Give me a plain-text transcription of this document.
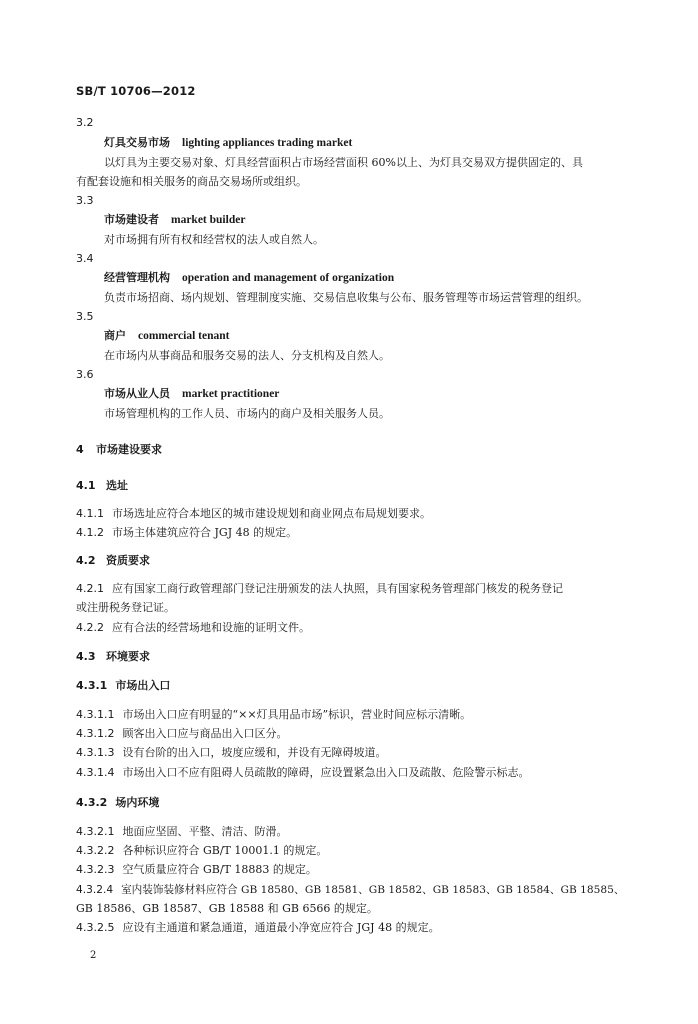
SB/T 10706—2012
3.2
灯具交易市场 lighting appliances trading market
以灯具为主要交易对象、灯具经营面积占市场经营面积 60%以上、为灯具交易双方提供固定的、具
有配套设施和相关服务的商品交易场所或组织。
3.3
市场建设者 market builder
对市场拥有所有权和经营权的法人或自然人。
3.4
经营管理机构 operation and management of organization
负责市场招商、场内规划、管理制度实施、交易信息收集与公布、服务管理等市场运营管理的组织。
3.5
商户 commercial tenant
在市场内从事商品和服务交易的法人、分支机构及自然人。
3.6
市场从业人员 market practitioner
市场管理机构的工作人员、市场内的商户及相关服务人员。
4 市场建设要求
4.1 选址
4.1.1 市场选址应符合本地区的城市建设规划和商业网点布局规划要求。
4.1.2 市场主体建筑应符合 JGJ 48 的规定。
4.2 资质要求
4.2.1 应有国家工商行政管理部门登记注册颁发的法人执照，具有国家税务管理部门核发的税务登记
或注册税务登记证。
4.2.2 应有合法的经营场地和设施的证明文件。
4.3 环境要求
4.3.1 市场出入口
4.3.1.1 市场出入口应有明显的“××灯具用品市场”标识，营业时间应标示清晰。
4.3.1.2 顾客出入口应与商品出入口区分。
4.3.1.3 设有台阶的出入口，坡度应缓和，并设有无障碍坡道。
4.3.1.4 市场出入口不应有阻碍人员疏散的障碍，应设置紧急出入口及疏散、危险警示标志。
4.3.2 场内环境
4.3.2.1 地面应坚固、平整、清洁、防滑。
4.3.2.2 各种标识应符合 GB/T 10001.1 的规定。
4.3.2.3 空气质量应符合 GB/T 18883 的规定。
4.3.2.4 室内装饰装修材料应符合 GB 18580、GB 18581、GB 18582、GB 18583、GB 18584、GB 18585、
GB 18586、GB 18587、GB 18588 和 GB 6566 的规定。
4.3.2.5 应设有主通道和紧急通道，通道最小净宽应符合 JGJ 48 的规定。
2
